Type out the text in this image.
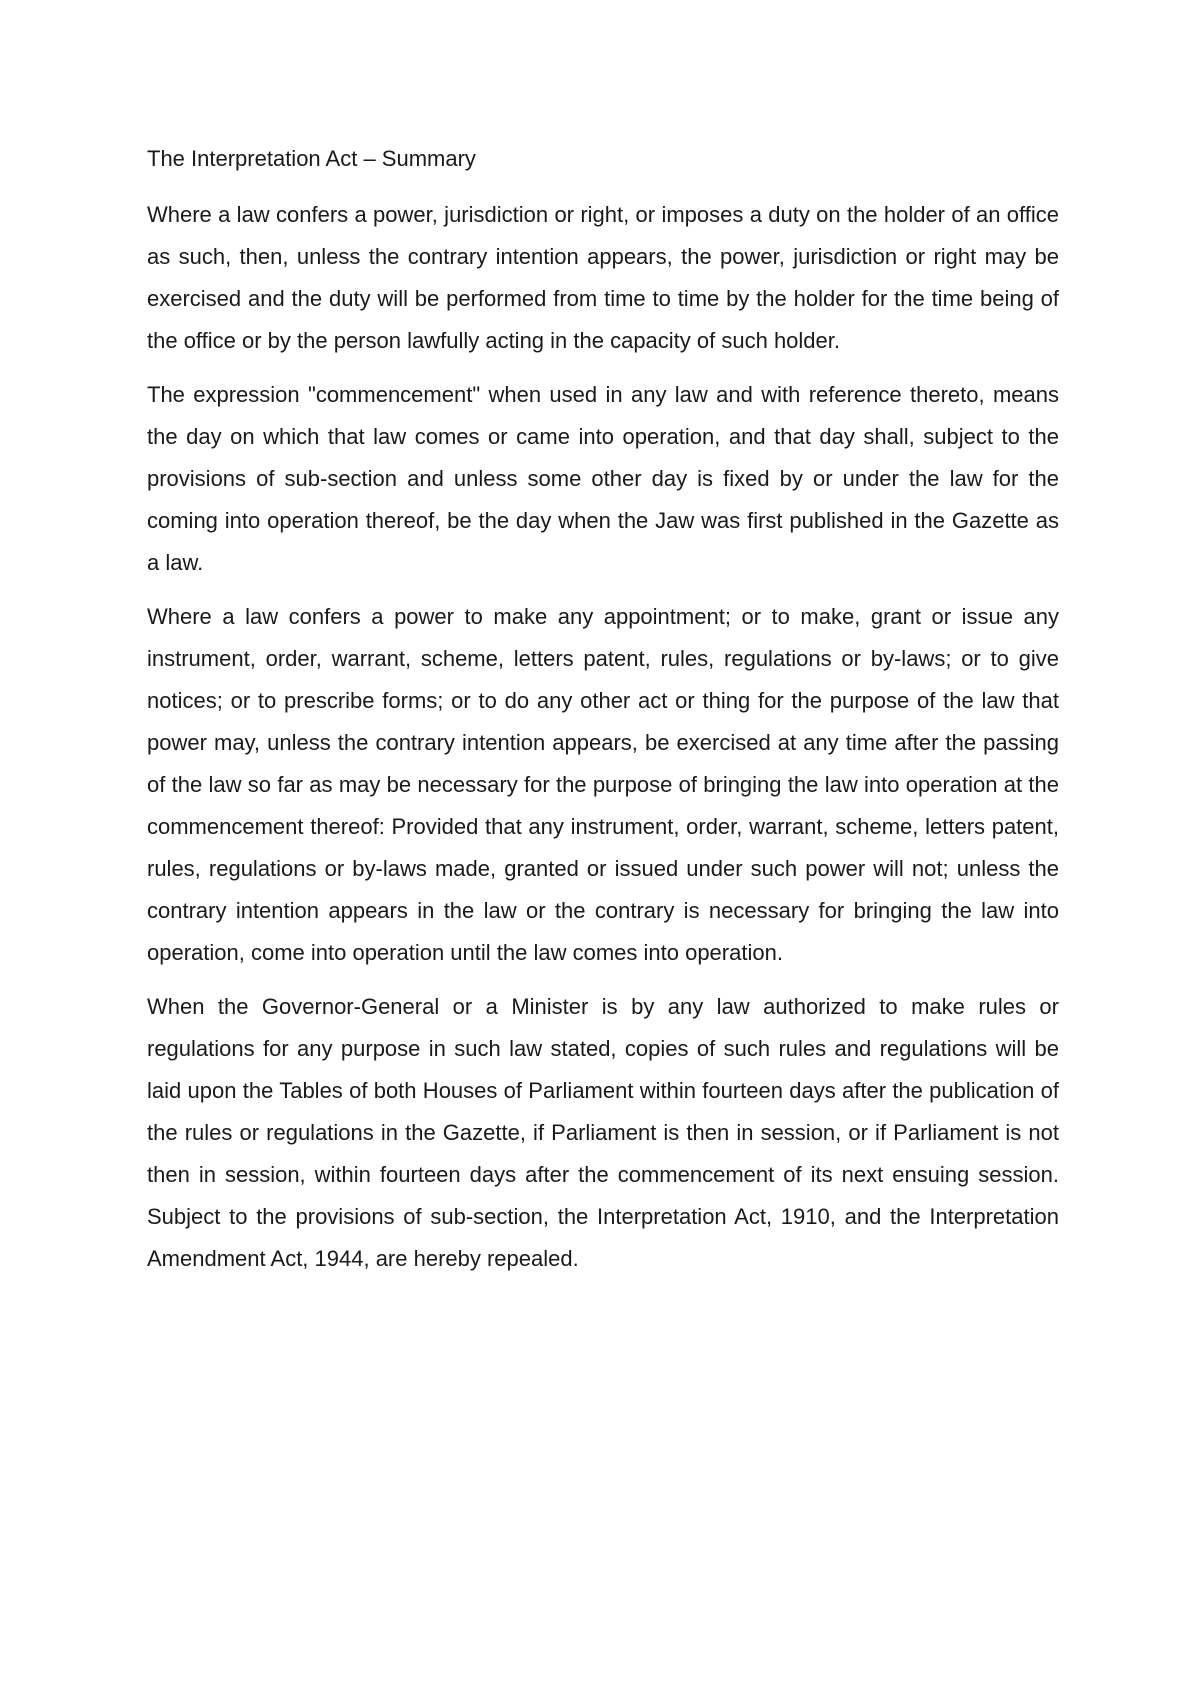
The Interpretation Act – Summary

Where a law confers a power, jurisdiction or right, or imposes a duty on the holder of an office as such, then, unless the contrary intention appears, the power, jurisdiction or right may be exercised and the duty will be performed from time to time by the holder for the time being of the office or by the person lawfully acting in the capacity of such holder.

The expression "commencement" when used in any law and with reference thereto, means the day on which that law comes or came into operation, and that day shall, subject to the provisions of sub-section and unless some other day is fixed by or under the law for the coming into operation thereof, be the day when the Jaw was first published in the Gazette as a law.

Where a law confers a power to make any appointment; or to make, grant or issue any instrument, order, warrant, scheme, letters patent, rules, regulations or by-laws; or to give notices; or to prescribe forms; or to do any other act or thing for the purpose of the law that power may, unless the contrary intention appears, be exercised at any time after the passing of the law so far as may be necessary for the purpose of bringing the law into operation at the commencement thereof: Provided that any instrument, order, warrant, scheme, letters patent, rules, regulations or by-laws made, granted or issued under such power will not; unless the contrary intention appears in the law or the contrary is necessary for bringing the law into operation, come into operation until the law comes into operation.

When the Governor-General or a Minister is by any law authorized to make rules or regulations for any purpose in such law stated, copies of such rules and regulations will be laid upon the Tables of both Houses of Parliament within fourteen days after the publication of the rules or regulations in the Gazette, if Parliament is then in session, or if Parliament is not then in session, within fourteen days after the commencement of its next ensuing session. Subject to the provisions of sub-section, the Interpretation Act, 1910, and the Interpretation Amendment Act, 1944, are hereby repealed.
